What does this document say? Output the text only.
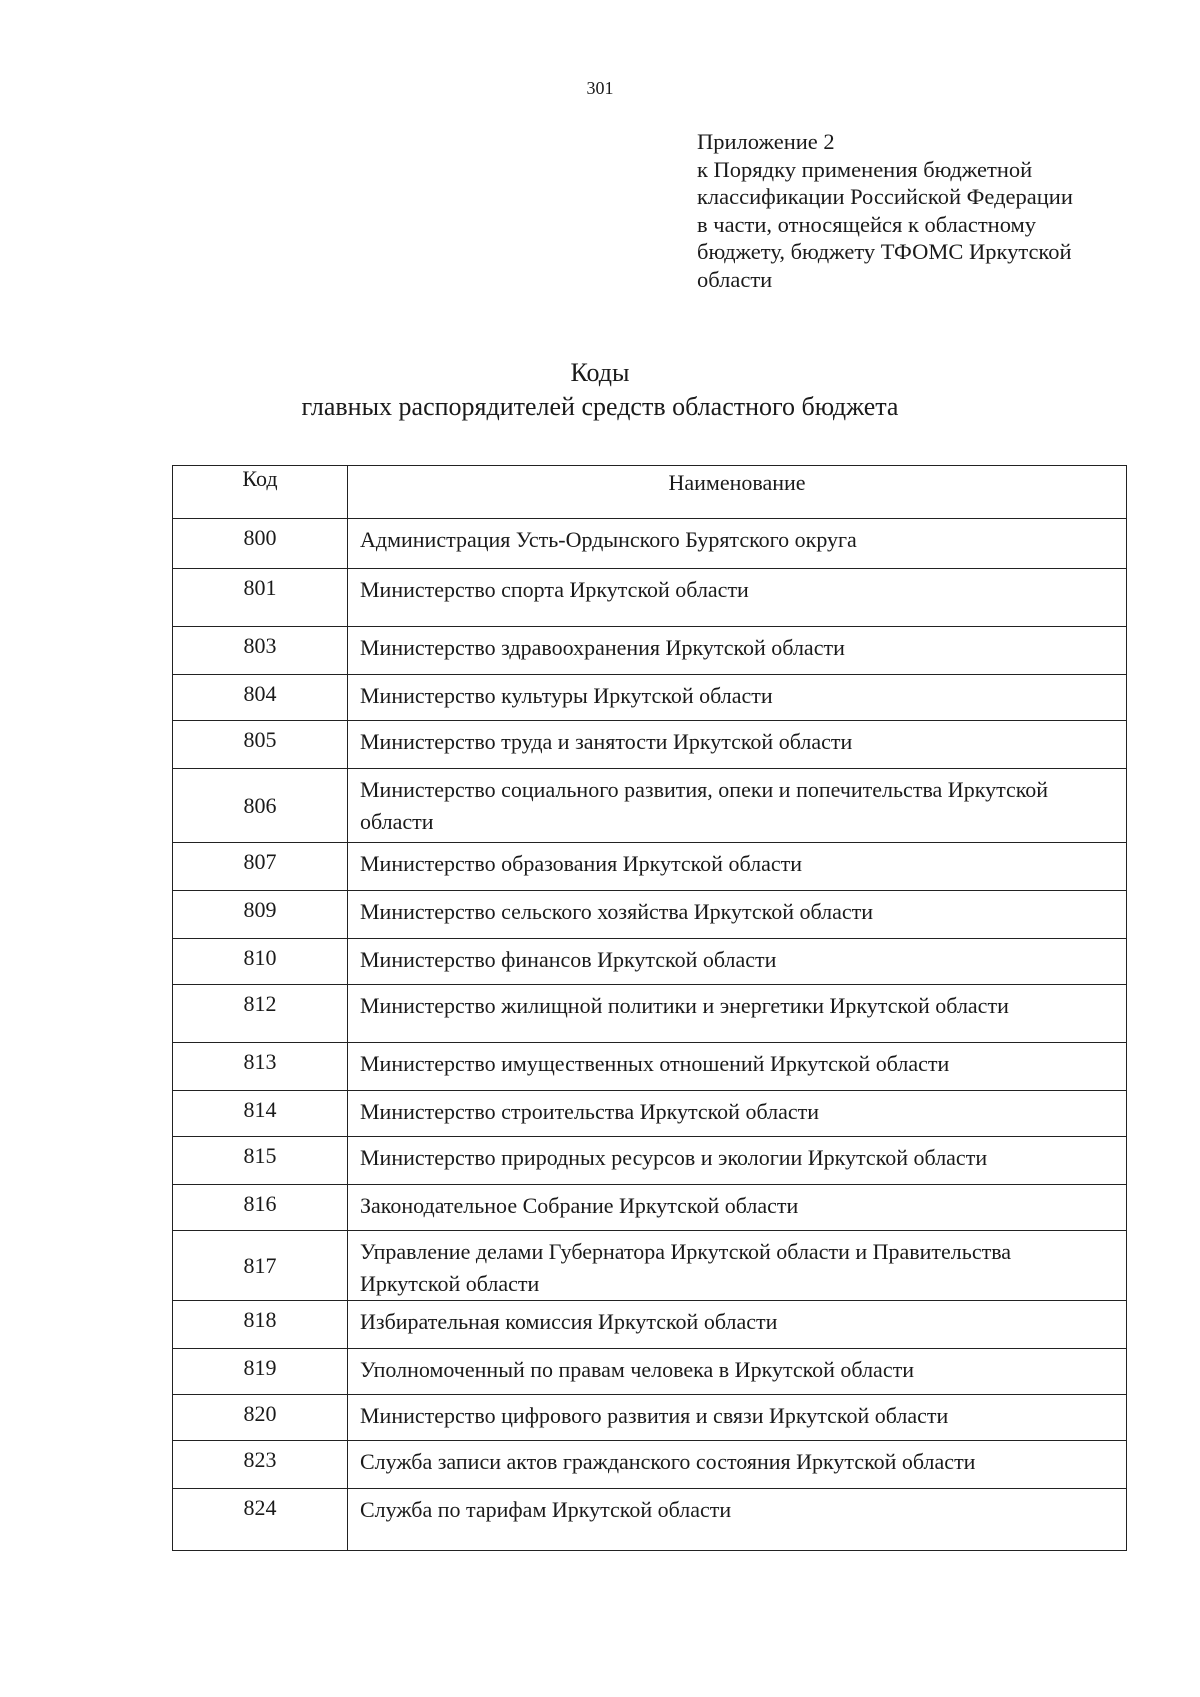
301
Приложение 2
к Порядку применения бюджетной
классификации Российской Федерации
в части, относящейся к областному
бюджету, бюджету ТФОМС Иркутской
области
Коды
главных распорядителей средств областного бюджета
Код	Наименование
800	Администрация Усть-Ордынского Бурятского округа
801	Министерство спорта Иркутской области
803	Министерство здравоохранения Иркутской области
804	Министерство культуры Иркутской области
805	Министерство труда и занятости Иркутской области
806	Министерство социального развития, опеки и попечительства Иркутской области
807	Министерство образования Иркутской области
809	Министерство сельского хозяйства Иркутской области
810	Министерство финансов Иркутской области
812	Министерство жилищной политики и энергетики Иркутской области
813	Министерство имущественных отношений Иркутской области
814	Министерство строительства Иркутской области
815	Министерство природных ресурсов и экологии Иркутской области
816	Законодательное Собрание Иркутской области
817	Управление делами Губернатора Иркутской области и Правительства Иркутской области
818	Избирательная комиссия Иркутской области
819	Уполномоченный по правам человека в Иркутской области
820	Министерство цифрового развития и связи Иркутской области
823	Служба записи актов гражданского состояния Иркутской области
824	Служба по тарифам Иркутской области
